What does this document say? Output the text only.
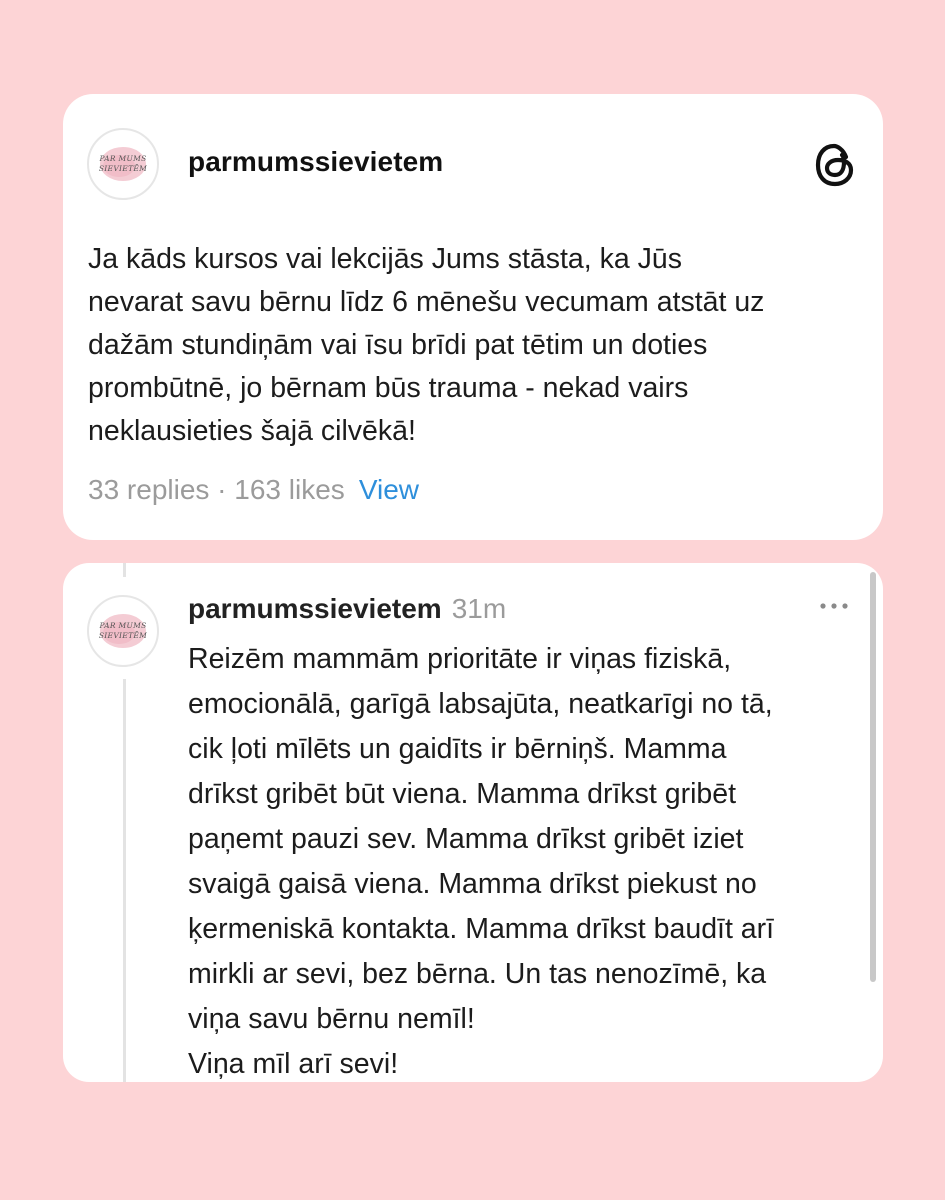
PAR MUMS
SIEVIETĒM parmumssievietem

Ja kāds kursos vai lekcijās Jums stāsta, ka Jūs
nevarat savu bērnu līdz 6 mēnešu vecumam atstāt uz
dažām stundiņām vai īsu brīdi pat tētim un doties
prombūtnē, jo bērnam būs trauma - nekad vairs
neklausieties šajā cilvēkā!

33 replies · 163 likes View
PAR MUMS
SIEVIETĒM
parmumssievietem 31m

Reizēm mammām prioritāte ir viņas fiziskā,
emocionālā, garīgā labsajūta, neatkarīgi no tā,
cik ļoti mīlēts un gaidīts ir bērniņš. Mamma
drīkst gribēt būt viena. Mamma drīkst gribēt
paņemt pauzi sev. Mamma drīkst gribēt iziet
svaigā gaisā viena. Mamma drīkst piekust no
ķermeniskā kontakta. Mamma drīkst baudīt arī
mirkli ar sevi, bez bērna. Un tas nenozīmē, ka
viņa savu bērnu nemīl!
Viņa mīl arī sevi!
